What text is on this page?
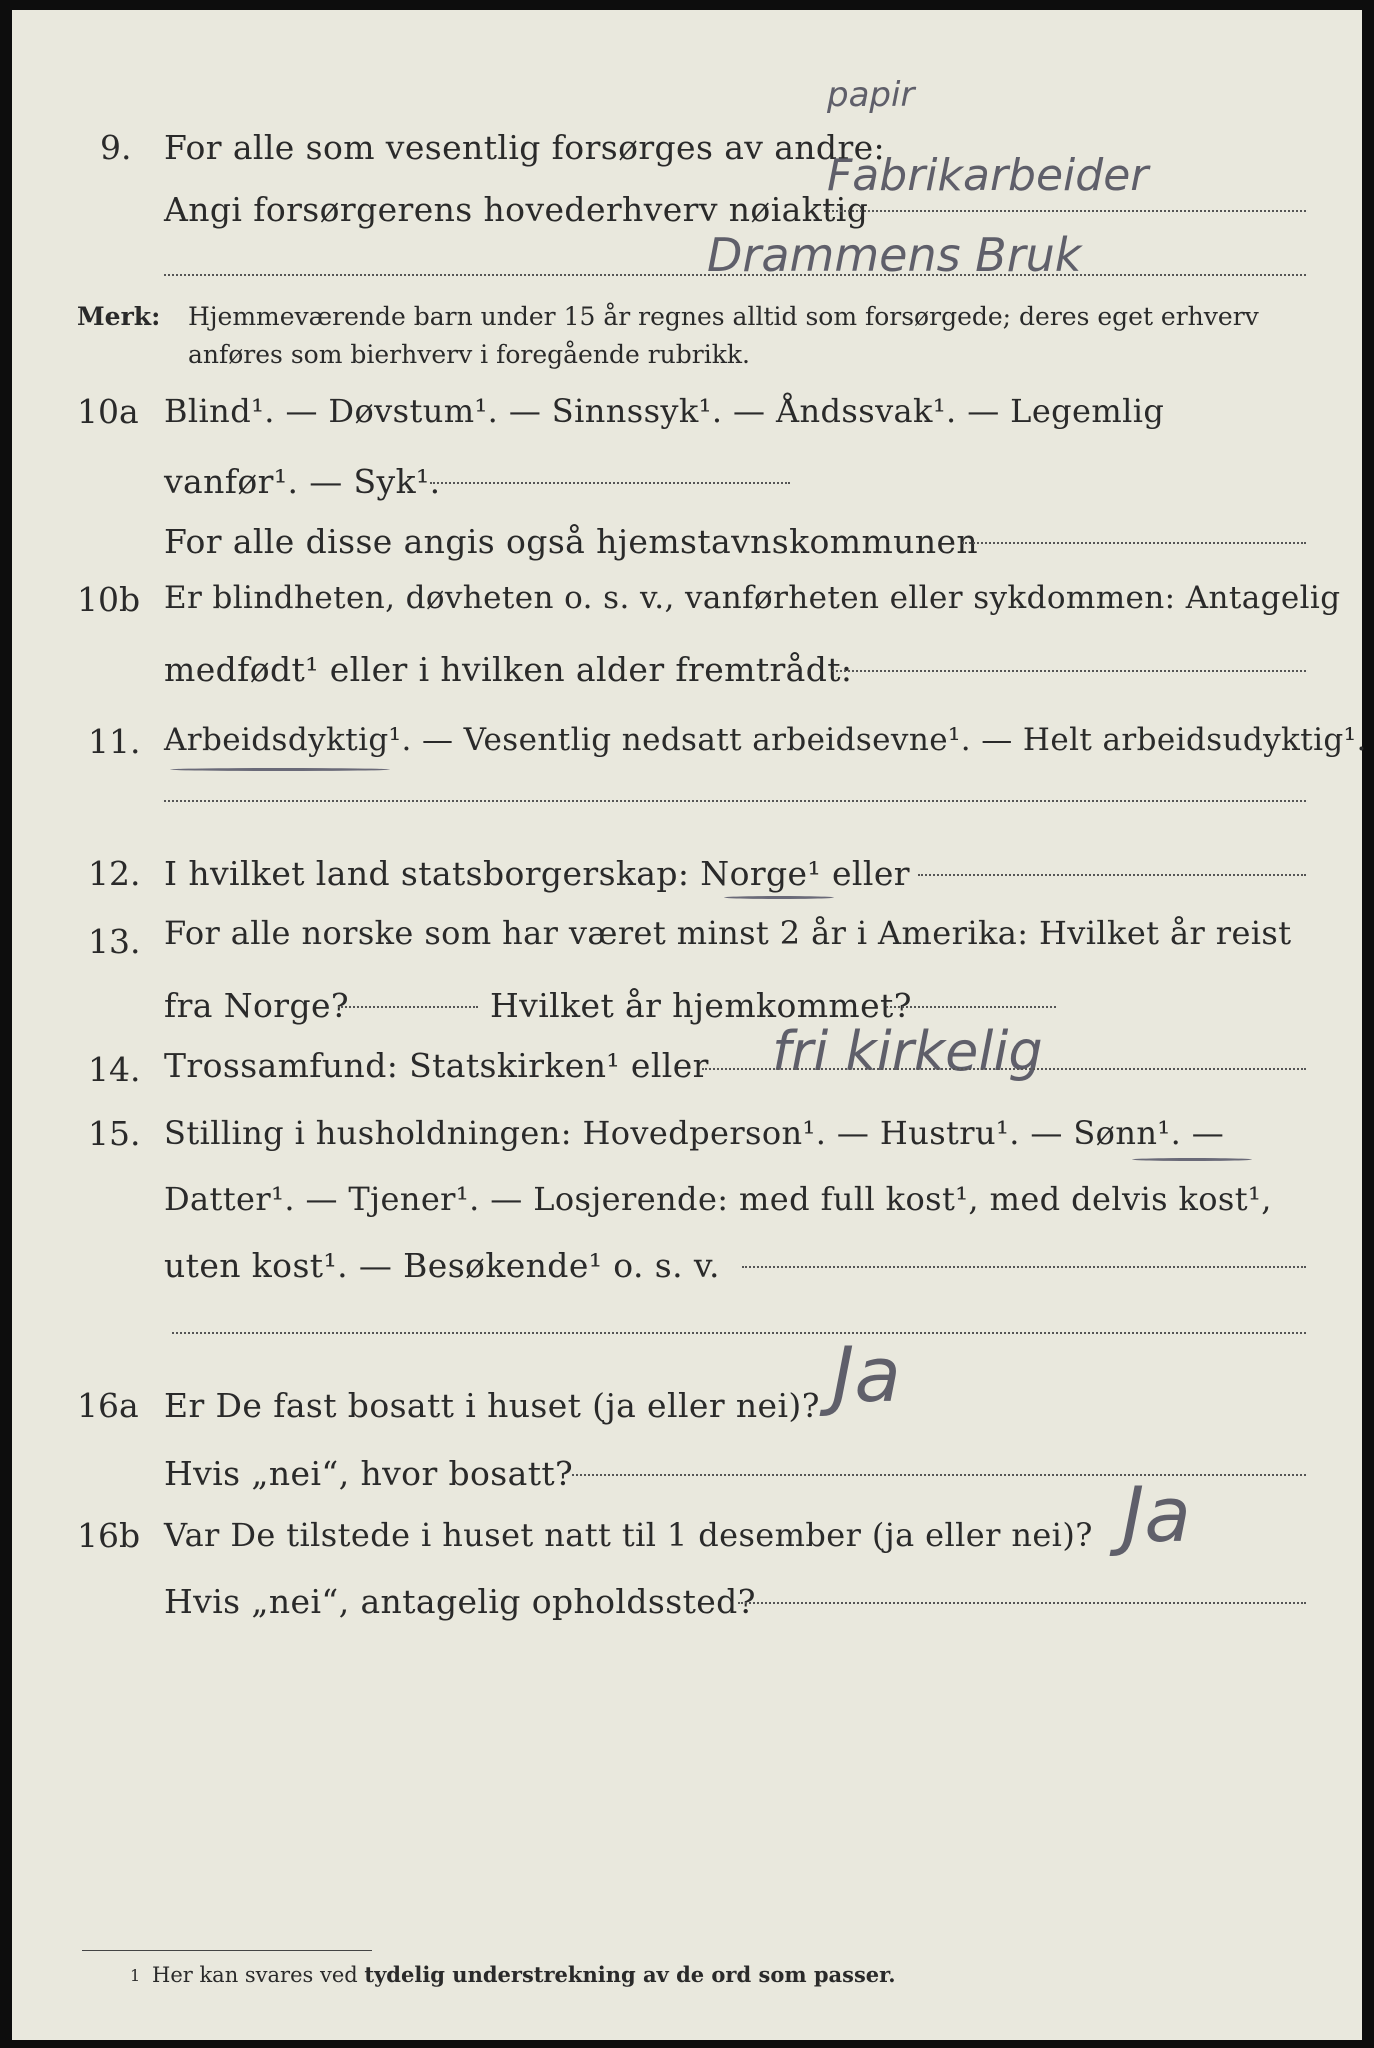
papir
9. For alle som vesentlig forsørges av andre:
Fabrikarbeider
Angi forsørgerens hovederhverv nøiaktig
Drammens Bruk
Merk: Hjemmeværende barn under 15 år regnes alltid som forsørgede; deres eget erhverv
anføres som bierhverv i foregående rubrikk.
10a Blind¹. — Døvstum¹. — Sinnssyk¹. — Åndssvak¹. — Legemlig
vanfør¹. — Syk¹.
For alle disse angis også hjemstavnskommunen
10b Er blindheten, døvheten o. s. v., vanførheten eller sykdommen: Antagelig
medfødt¹ eller i hvilken alder fremtrådt:
11. Arbeidsdyktig¹. — Vesentlig nedsatt arbeidsevne¹. — Helt arbeidsudyktig¹.
12. I hvilket land statsborgerskap: Norge¹ eller
13. For alle norske som har været minst 2 år i Amerika: Hvilket år reist
fra Norge?	Hvilket år hjemkommet?
14. Trossamfund: Statskirken¹ eller fri kirkelig
15. Stilling i husholdningen: Hovedperson¹. — Hustru¹. — Sønn¹. —
Datter¹. — Tjener¹. — Losjerende: med full kost¹, med delvis kost¹,
uten kost¹. — Besøkende¹ o. s. v.
16a Er De fast bosatt i huset (ja eller nei)? Ja
Hvis „nei“, hvor bosatt?
16b Var De tilstede i huset natt til 1 desember (ja eller nei)? Ja
Hvis „nei“, antagelig opholdssted?
1 Her kan svares ved tydelig understrekning av de ord som passer.
